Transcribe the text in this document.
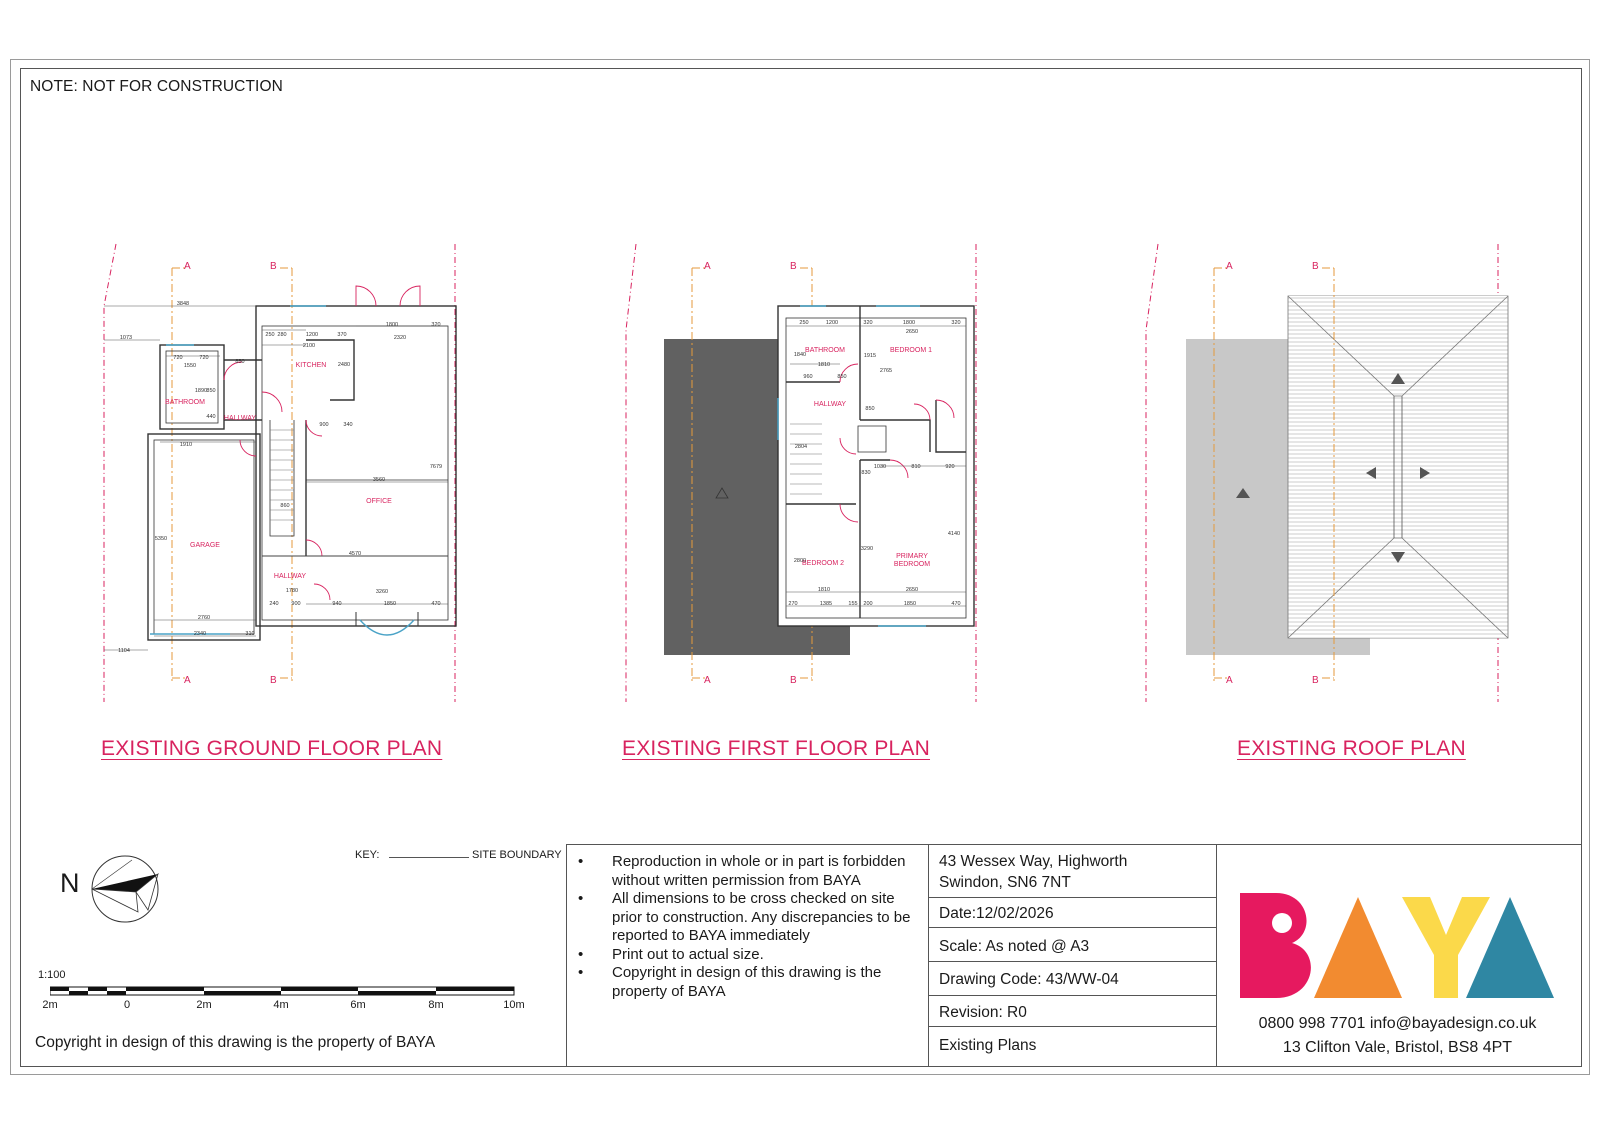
NOTE: NOT FOR CONSTRUCTION
A	B
A	B
KITCHEN
BATHROOM
HALLWAY
OFFICE
GARAGE
HALLWAY
3848
1073
1800	320
250 280	1200	370	2320
2100
720	720
1550
850
1890 850
440
2480
900	340
1910
3560
7679
860
5350
4570
1780
240 900	940
3260
1850	470
2760
2340	310
1104
A	B
A	B
BATHROOM	BEDROOM 1
HALLWAY
BEDROOM 2
PRIMARY BEDROOM
250	1200	320	1800	320
2650
1840	1915
2765
1810
960	850
850
2804
1030	810	920
830
2800
3290
4140
1810	2650
270	1385	155 200	1850	470
A	B
A	B
EXISTING GROUND FLOOR PLAN	EXISTING FIRST FLOOR PLAN	EXISTING ROOF PLAN
KEY:	SITE BOUNDARY
N
1:100
2m	0	2m	4m	6m	8m	10m
Copyright in design of this drawing is the property of BAYA
• Reproduction in whole or in part is forbidden without written permission from BAYA
• All dimensions to be cross checked on site prior to construction. Any discrepancies to be reported to BAYA immediately
• Print out to actual size.
• Copyright in design of this drawing is the property of BAYA
43 Wessex Way, Highworth
Swindon, SN6 7NT
Date:12/02/2026
Scale: As noted @ A3
Drawing Code: 43/WW-04
Revision: R0
Existing Plans
0800 998 7701 info@bayadesign.co.uk
13 Clifton Vale, Bristol, BS8 4PT
